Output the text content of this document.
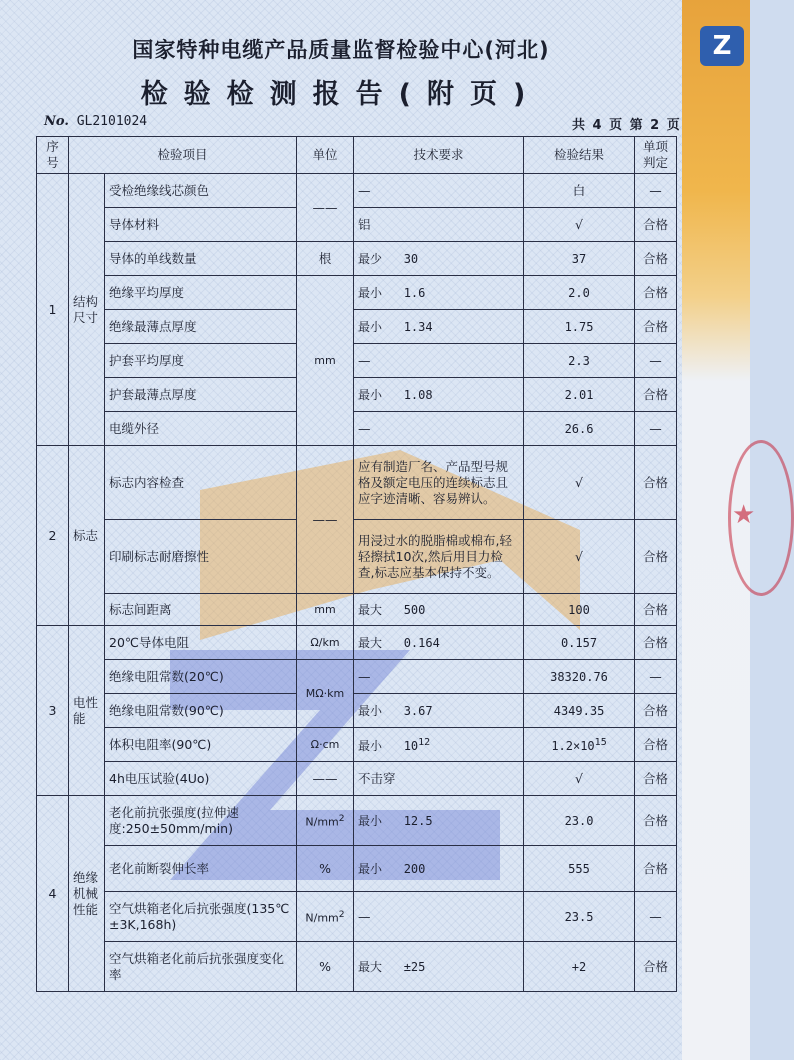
Z
★
国家特种电缆产品质量监督检验中心(河北)
检验检测报告(附页)
No. GL2101024	共 4 页 第 2 页
序号	检验项目		单位	技术要求	检验结果	单项判定
1	结构尺寸	受检绝缘线芯颜色	——	—	白	—
		导体材料		铝	√	合格
		导体的单线数量	根	最少   30	37	合格
		绝缘平均厚度	mm	最小   1.6	2.0	合格
		绝缘最薄点厚度		最小   1.34	1.75	合格
		护套平均厚度		—	2.3	—
		护套最薄点厚度		最小   1.08	2.01	合格
		电缆外径		—	26.6	—
2	标志	标志内容检查	——	应有制造厂名、产品型号规格及额定电压的连续标志且应字迹清晰、容易辨认。	√	合格
		印刷标志耐磨擦性		用浸过水的脱脂棉或棉布,轻轻擦拭10次,然后用目力检查,标志应基本保持不变。	√	合格
		标志间距离	mm	最大   500	100	合格
3	电性能	20℃导体电阻	Ω/km	最大   0.164	0.157	合格
		绝缘电阻常数(20℃)	MΩ·km	—	38320.76	—
		绝缘电阻常数(90℃)		最小   3.67	4349.35	合格
		体积电阻率(90℃)	Ω·cm	最小   $10^{12}$	$1.2\times 10^{15}$	合格
		4h电压试验(4Uo)	——	不击穿	√	合格
4	绝缘机械性能	老化前抗张强度(拉伸速度:250±50mm/min)	$N/mm^2$	最小   12.5	23.0	合格
		老化前断裂伸长率	%	最小   200	555	合格
		空气烘箱老化后抗张强度(135℃±3K,168h)	$N/mm^2$	—	23.5	—
		空气烘箱老化前后抗张强度变化率	%	最大   ±25	+2	合格
